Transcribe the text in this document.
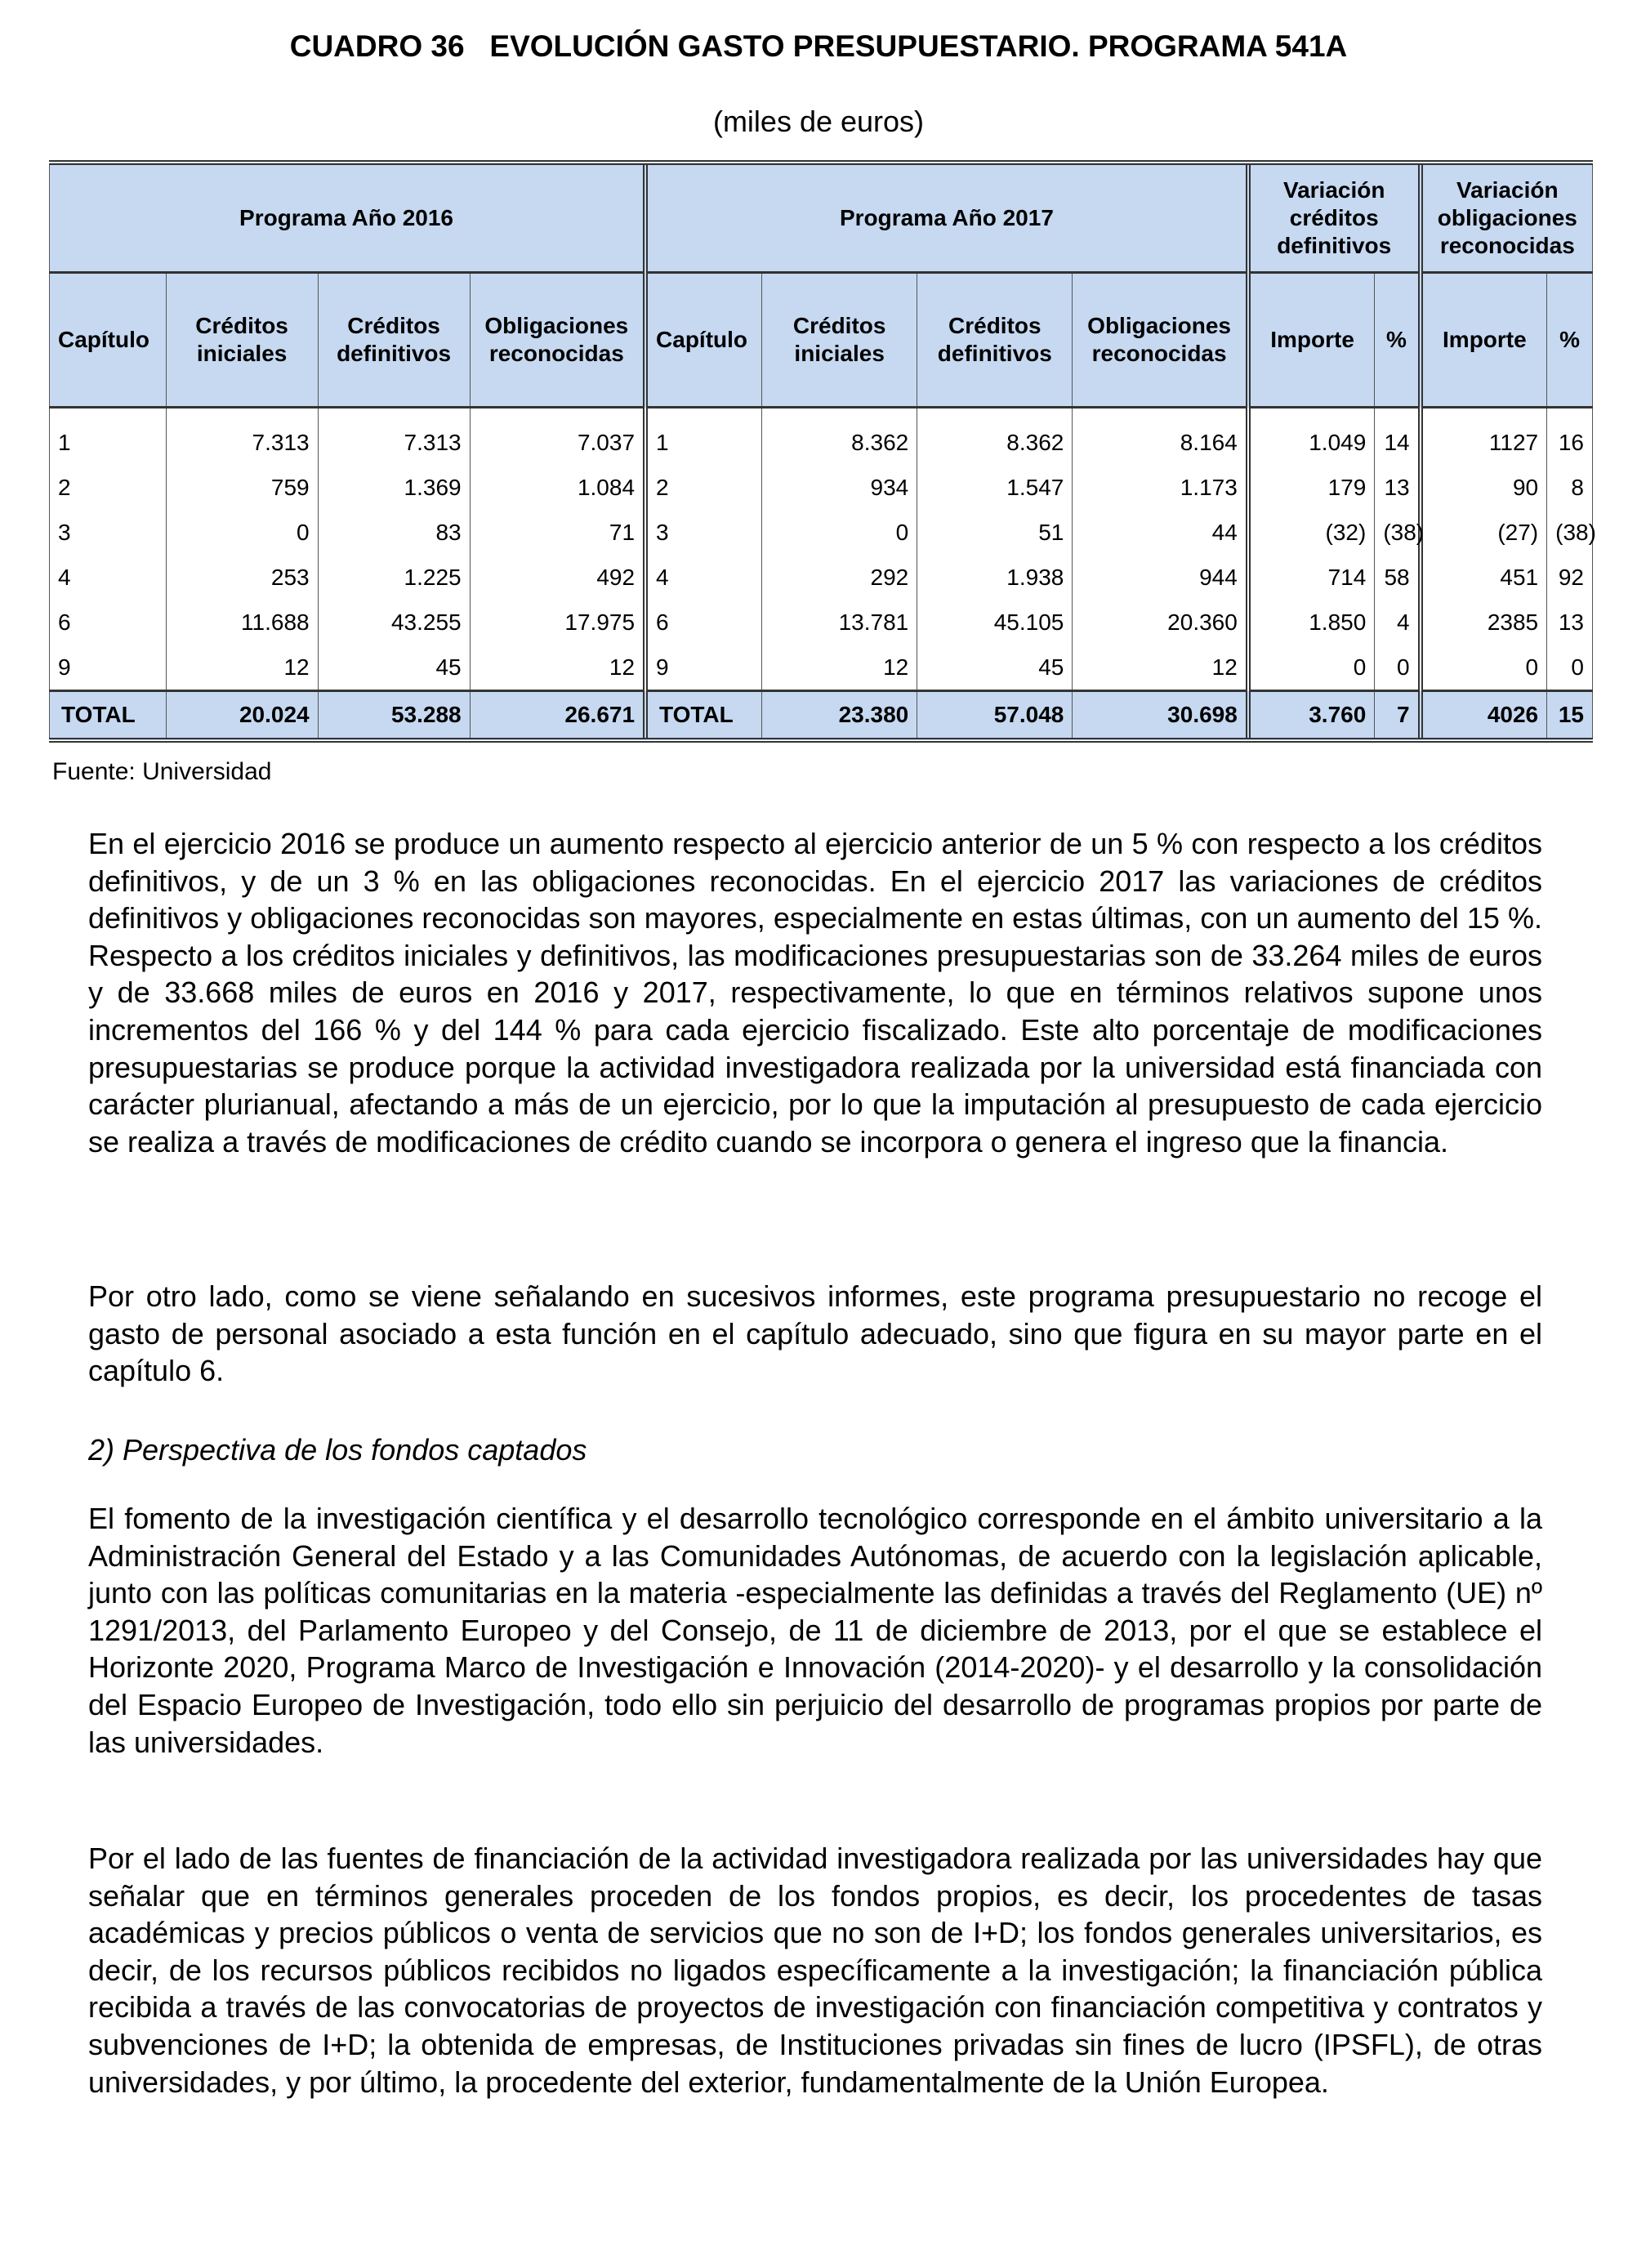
CUADRO 36   EVOLUCIÓN GASTO PRESUPUESTARIO. PROGRAMA 541A
(miles de euros)
Programa Año 2016				Programa Año 2017				Variación créditos definitivos		Variación obligaciones reconocidas	
Capítulo	Créditos iniciales	Créditos definitivos	Obligaciones reconocidas	Capítulo	Créditos iniciales	Créditos definitivos	Obligaciones reconocidas	Importe	%	Importe	%
1	7.313	7.313	7.037	1	8.362	8.362	8.164	1.049	14	1127	16
2	759	1.369	1.084	2	934	1.547	1.173	179	13	90	8
3	0	83	71	3	0	51	44	(32)	(38)	(27)	(38)
4	253	1.225	492	4	292	1.938	944	714	58	451	92
6	11.688	43.255	17.975	6	13.781	45.105	20.360	1.850	4	2385	13
9	12	45	12	9	12	45	12	0	0	0	0
TOTAL	20.024	53.288	26.671	TOTAL	23.380	57.048	30.698	3.760	7	4026	15
Fuente: Universidad

En el ejercicio 2016 se produce un aumento respecto al ejercicio anterior de un 5 % con respecto a los créditos definitivos, y de un 3 % en las obligaciones reconocidas. En el ejercicio 2017 las variaciones de créditos definitivos y obligaciones reconocidas son mayores, especialmente en estas últimas, con un aumento del 15 %. Respecto a los créditos iniciales y definitivos, las modificaciones presupuestarias son de 33.264 miles de euros y de 33.668 miles de euros en 2016 y 2017, respectivamente, lo que en términos relativos supone unos incrementos del 166 % y del 144 % para cada ejercicio fiscalizado. Este alto porcentaje de modificaciones presupuestarias se produce porque la actividad investigadora realizada por la universidad está financiada con carácter plurianual, afectando a más de un ejercicio, por lo que la imputación al presupuesto de cada ejercicio se realiza a través de modificaciones de crédito cuando se incorpora o genera el ingreso que la financia.

Por otro lado, como se viene señalando en sucesivos informes, este programa presupuestario no recoge el gasto de personal asociado a esta función en el capítulo adecuado, sino que figura en su mayor parte en el capítulo 6.

2) Perspectiva de los fondos captados

El fomento de la investigación científica y el desarrollo tecnológico corresponde en el ámbito universitario a la Administración General del Estado y a las Comunidades Autónomas, de acuerdo con la legislación aplicable, junto con las políticas comunitarias en la materia -especialmente las definidas a través del Reglamento (UE) nº 1291/2013, del Parlamento Europeo y del Consejo, de 11 de diciembre de 2013, por el que se establece el Horizonte 2020, Programa Marco de Investigación e Innovación (2014-2020)- y el desarrollo y la consolidación del Espacio Europeo de Investigación, todo ello sin perjuicio del desarrollo de programas propios por parte de las universidades.

Por el lado de las fuentes de financiación de la actividad investigadora realizada por las universidades hay que señalar que en términos generales proceden de los fondos propios, es decir, los procedentes de tasas académicas y precios públicos o venta de servicios que no son de I+D; los fondos generales universitarios, es decir, de los recursos públicos recibidos no ligados específicamente a la investigación; la financiación pública recibida a través de las convocatorias de proyectos de investigación con financiación competitiva y contratos y subvenciones de I+D; la obtenida de empresas, de Instituciones privadas sin fines de lucro (IPSFL), de otras universidades, y por último, la procedente del exterior, fundamentalmente de la Unión Europea.
